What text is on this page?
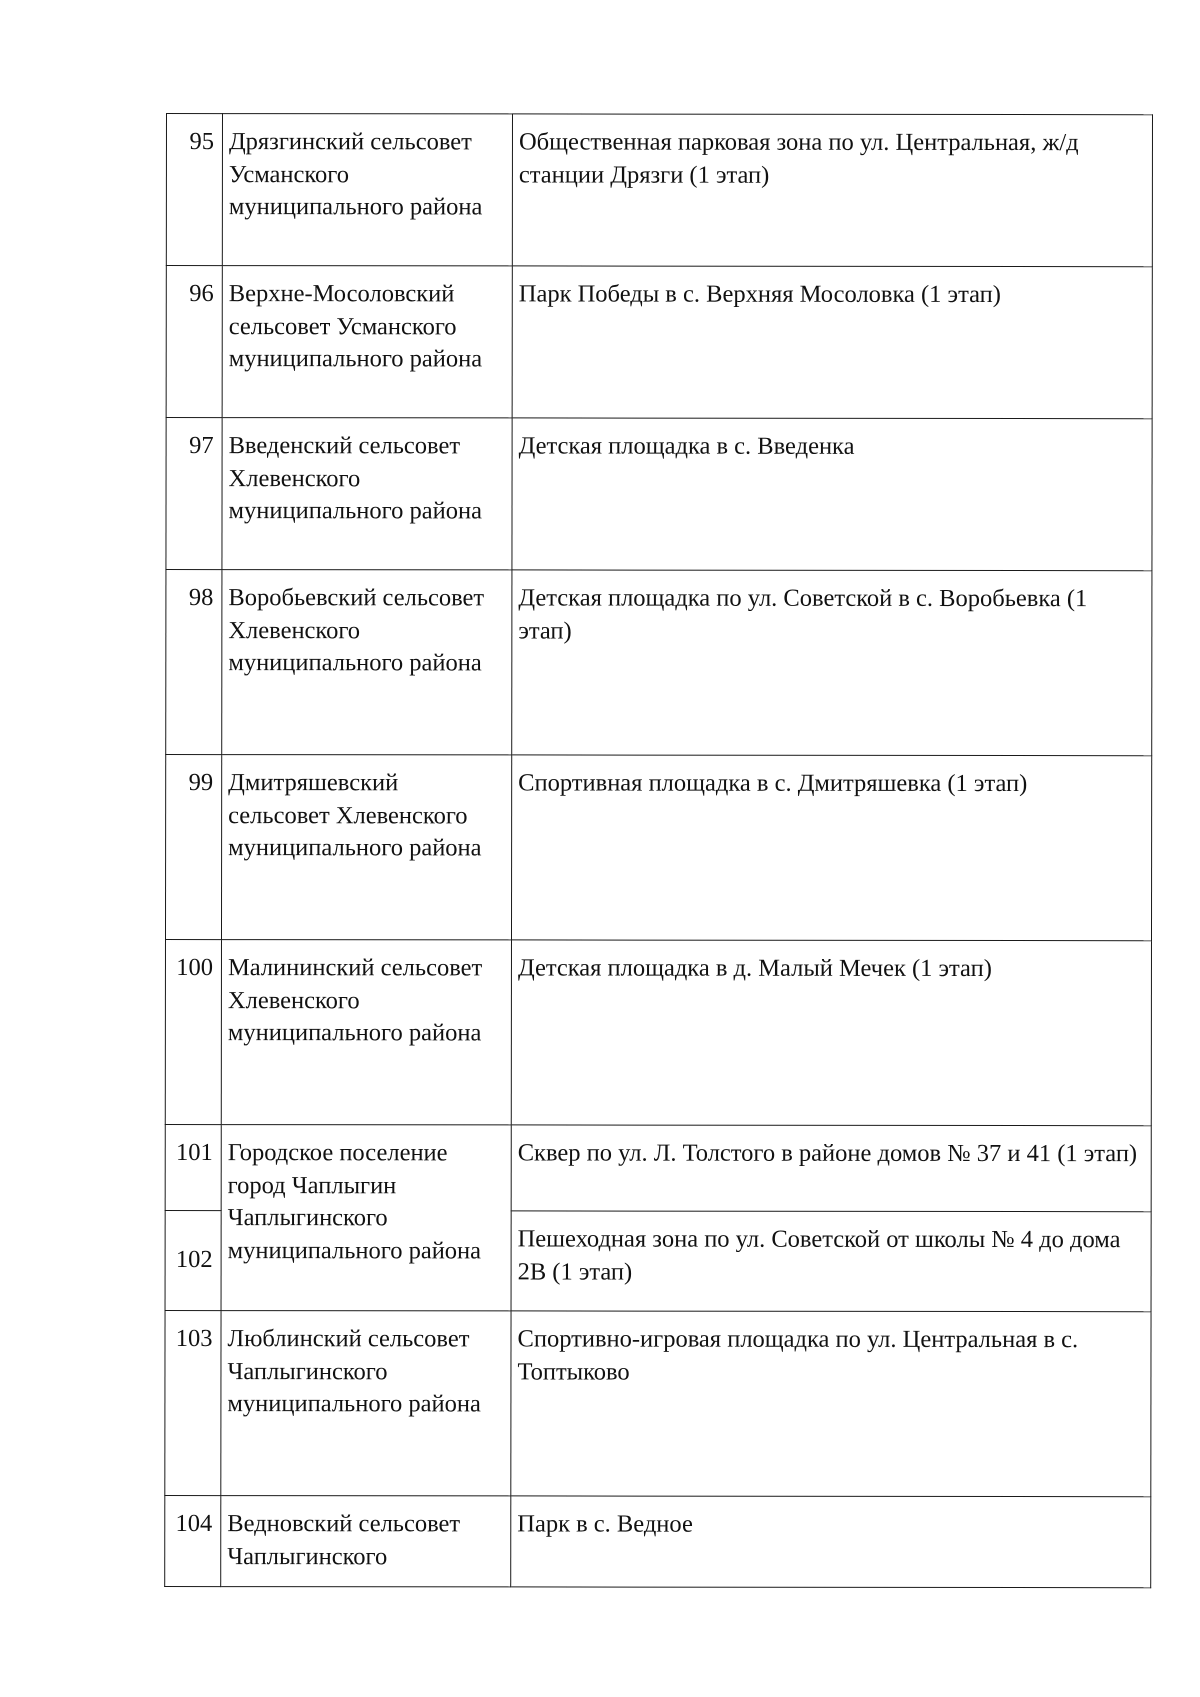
95	Дрязгинский сельсовет Усманского муниципального района	Общественная парковая зона по ул. Центральная, ж/д станции Дрязги (1 этап)
96	Верхне-Мосоловский сельсовет Усманского муниципального района	Парк Победы в с. Верхняя Мосоловка (1 этап)
97	Введенский сельсовет Хлевенского муниципального района	Детская площадка в с. Введенка
98	Воробьевский сельсовет Хлевенского муниципального района	Детская площадка по ул. Советской в с. Воробьевка (1 этап)
99	Дмитряшевский сельсовет Хлевенского муниципального района	Спортивная площадка в с. Дмитряшевка (1 этап)
100	Малининский сельсовет Хлевенского муниципального района	Детская площадка в д. Малый Мечек (1 этап)
101	Городское поселение город Чаплыгин Чаплыгинского муниципального района	Сквер по ул. Л. Толстого в районе домов № 37 и 41 (1 этап)
102		Пешеходная зона по ул. Советской от школы № 4 до дома 2В (1 этап)
103	Люблинский сельсовет Чаплыгинского муниципального района	Спортивно-игровая площадка по ул. Центральная в с. Топтыково
104	Ведновский сельсовет Чаплыгинского	Парк в с. Ведное
